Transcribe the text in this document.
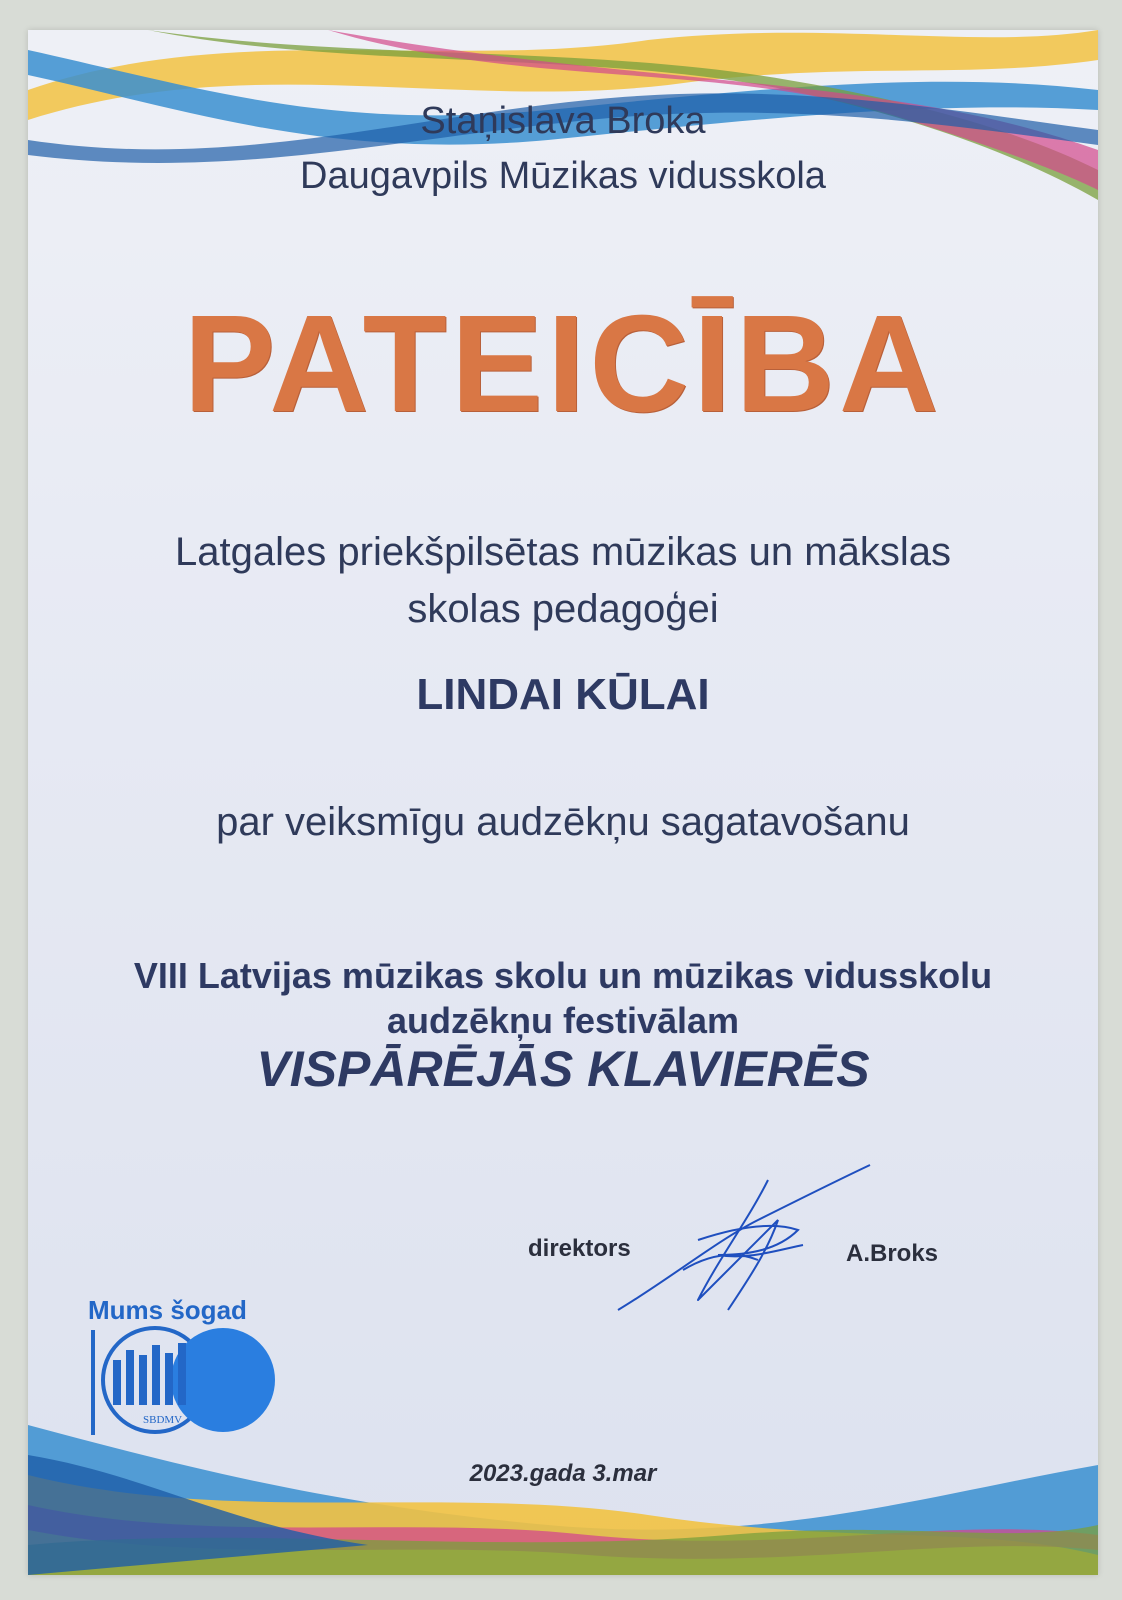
Staņislava Broka
Daugavpils Mūzikas vidusskola
PATEICĪBA
Latgales priekšpilsētas mūzikas un mākslas
skolas pedagoģei
LINDAI KŪLAI
par veiksmīgu audzēkņu sagatavošanu
VIII Latvijas mūzikas skolu un mūzikas vidusskolu
audzēkņu festivālam
VISPĀRĒJĀS KLAVIERĒS
direktors	A.Broks
Mums šogad
SBDMV
2023.gada 3.mar
